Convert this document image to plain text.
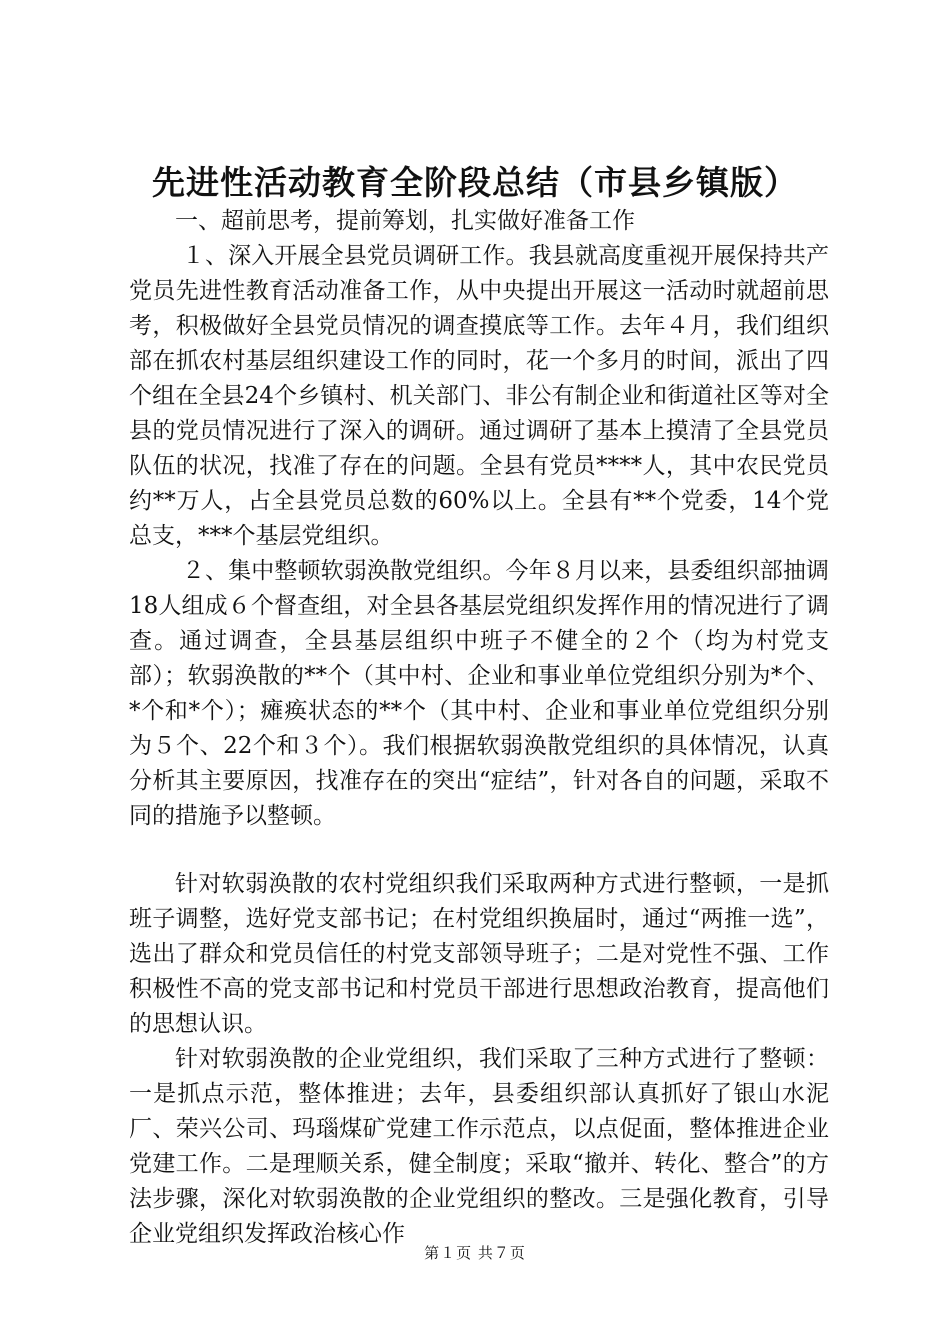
先进性活动教育全阶段总结（市县乡镇版）

一、超前思考，提前筹划，扎实做好准备工作

１、深入开展全县党员调研工作。我县就高度重视开展保持共产党员先进性教育活动准备工作，从中央提出开展这一活动时就超前思考，积极做好全县党员情况的调查摸底等工作。去年４月，我们组织部在抓农村基层组织建设工作的同时，花一个多月的时间，派出了四个组在全县24个乡镇村、机关部门、非公有制企业和街道社区等对全县的党员情况进行了深入的调研。通过调研了基本上摸清了全县党员队伍的状况，找准了存在的问题。全县有党员****人，其中农民党员约**万人，占全县党员总数的60%以上。全县有**个党委，14个党总支，***个基层党组织。

２、集中整顿软弱涣散党组织。今年８月以来，县委组织部抽调18人组成６个督查组，对全县各基层党组织发挥作用的情况进行了调查。通过调查，全县基层组织中班子不健全的２个（均为村党支部）；软弱涣散的**个（其中村、企业和事业单位党组织分别为*个、*个和*个）；瘫痪状态的**个（其中村、企业和事业单位党组织分别为５个、22个和３个）。我们根据软弱涣散党组织的具体情况，认真分析其主要原因，找准存在的突出“症结”，针对各自的问题，采取不同的措施予以整顿。

针对软弱涣散的农村党组织我们采取两种方式进行整顿，一是抓班子调整，选好党支部书记；在村党组织换届时，通过“两推一选”，选出了群众和党员信任的村党支部领导班子；二是对党性不强、工作积极性不高的党支部书记和村党员干部进行思想政治教育，提高他们的思想认识。

针对软弱涣散的企业党组织，我们采取了三种方式进行了整顿：一是抓点示范，整体推进；去年，县委组织部认真抓好了银山水泥厂、荣兴公司、玛瑙煤矿党建工作示范点，以点促面，整体推进企业党建工作。二是理顺关系，健全制度；采取“撤并、转化、整合”的方法步骤，深化对软弱涣散的企业党组织的整改。三是强化教育，引导企业党组织发挥政治核心作

第１页 共７页
